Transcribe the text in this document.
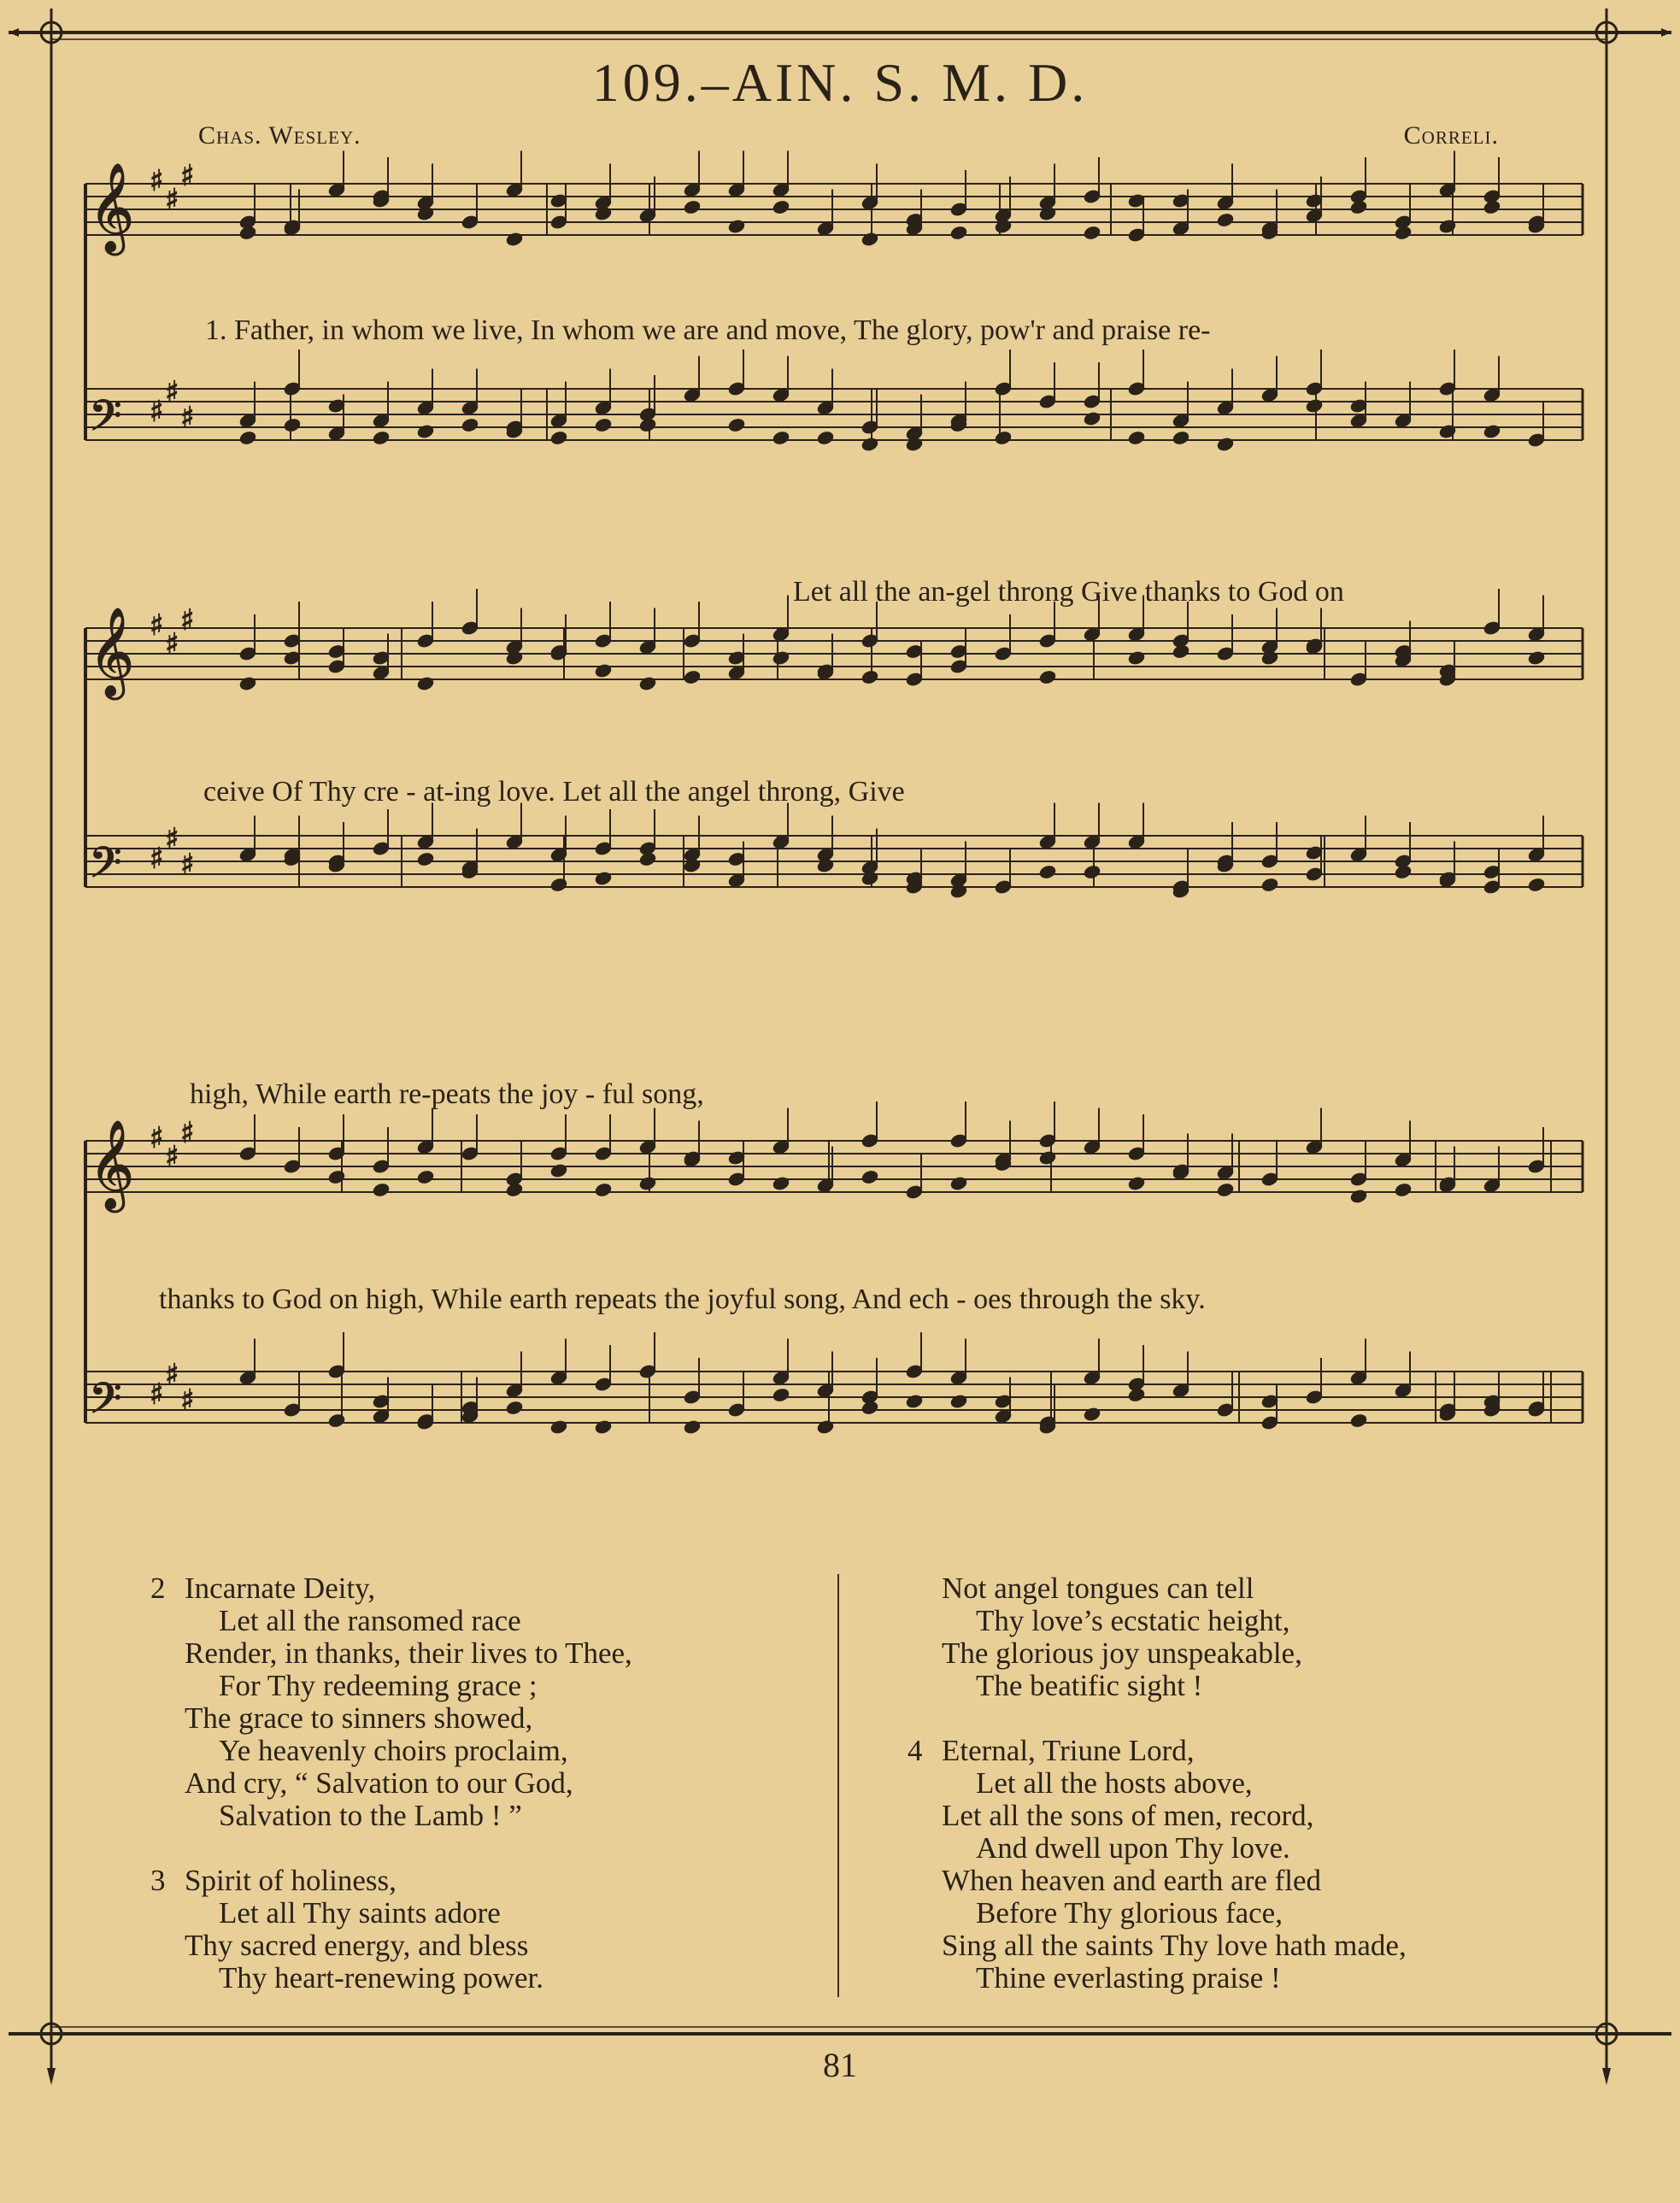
109.–AIN. S. M. D.
Chas. Wesley.	Correli.
𝄞 ♯
♯
♯
𝄢 ♯
♯
♯
𝄞 ♯
♯
♯
𝄢 ♯
♯
♯
𝄞 ♯
♯
♯
𝄢 ♯
♯
♯
1. Father, in whom we live, In whom we are and move, The glory, pow'r and praise re-
Let all the an-gel throng Give thanks to God on
ceive Of Thy cre - at-ing love. Let all the angel throng, Give
high, While earth re-peats the joy - ful song,
thanks to God on high, While earth repeats the joyful song, And ech - oes through the sky.
2 Incarnate Deity,
Let all the ransomed race
Render, in thanks, their lives to Thee,
For Thy redeeming grace ;
The grace to sinners showed,
Ye heavenly choirs proclaim,
And cry, “ Salvation to our God,
Salvation to the Lamb ! ”
3 Spirit of holiness,
Let all Thy saints adore
Thy sacred energy, and bless
Thy heart-renewing power.
Not angel tongues can tell
Thy love’s ecstatic height,
The glorious joy unspeakable,
The beatific sight !
4 Eternal, Triune Lord,
Let all the hosts above,
Let all the sons of men, record,
And dwell upon Thy love.
When heaven and earth are fled
Before Thy glorious face,
Sing all the saints Thy love hath made,
Thine everlasting praise !
81
